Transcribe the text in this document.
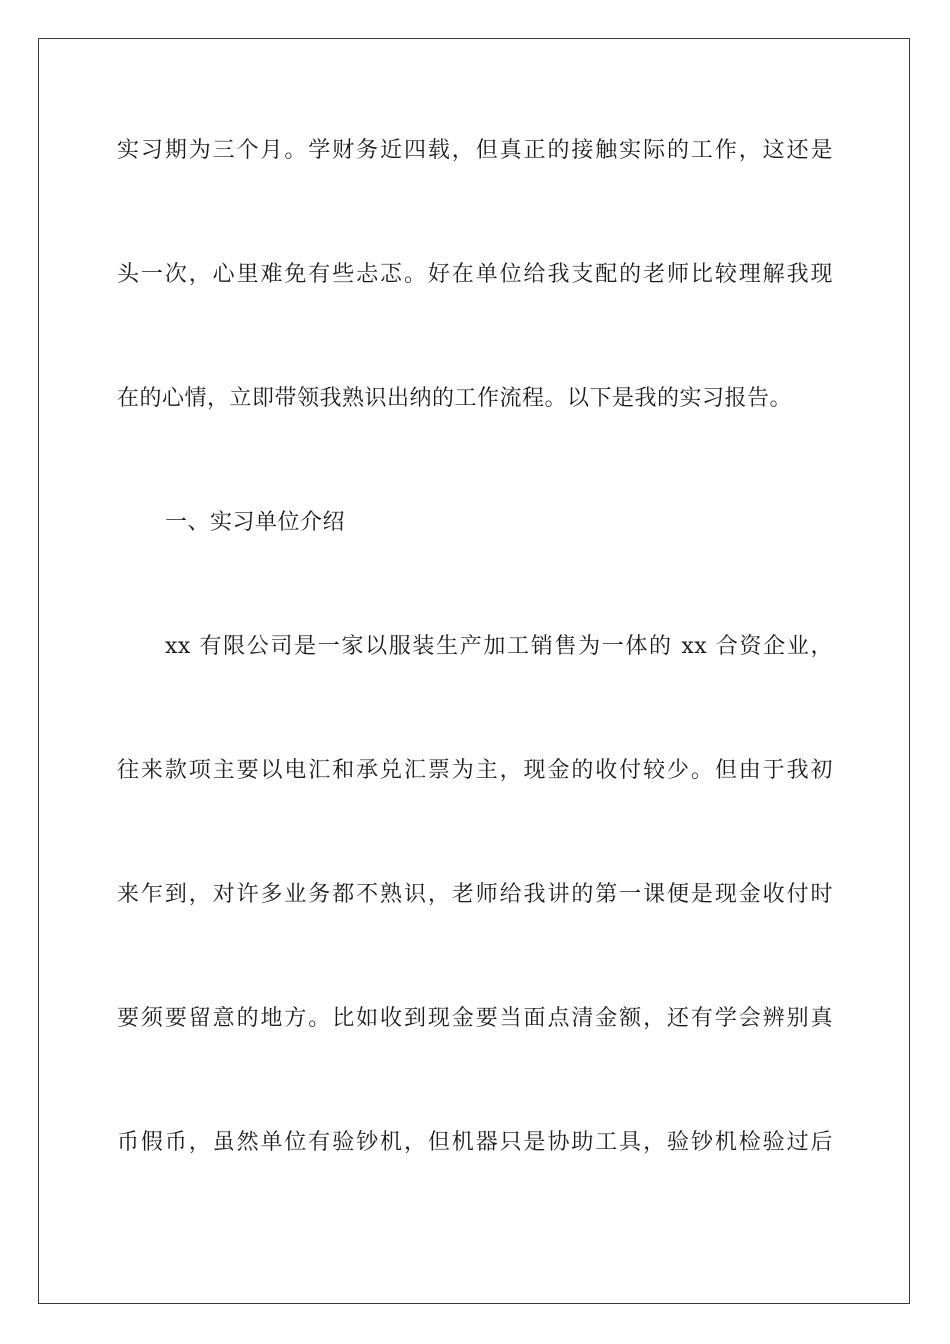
实习期为三个月。学财务近四载，但真正的接触实际的工作，这还是
头一次，心里难免有些忐忑。好在单位给我支配的老师比较理解我现
在的心情，立即带领我熟识出纳的工作流程。以下是我的实习报告。
一、实习单位介绍
xx 有限公司是一家以服装生产加工销售为一体的 xx 合资企业，
往来款项主要以电汇和承兑汇票为主，现金的收付较少。但由于我初
来乍到，对许多业务都不熟识，老师给我讲的第一课便是现金收付时
要须要留意的地方。比如收到现金要当面点清金额，还有学会辨别真
币假币，虽然单位有验钞机，但机器只是协助工具，验钞机检验过后
